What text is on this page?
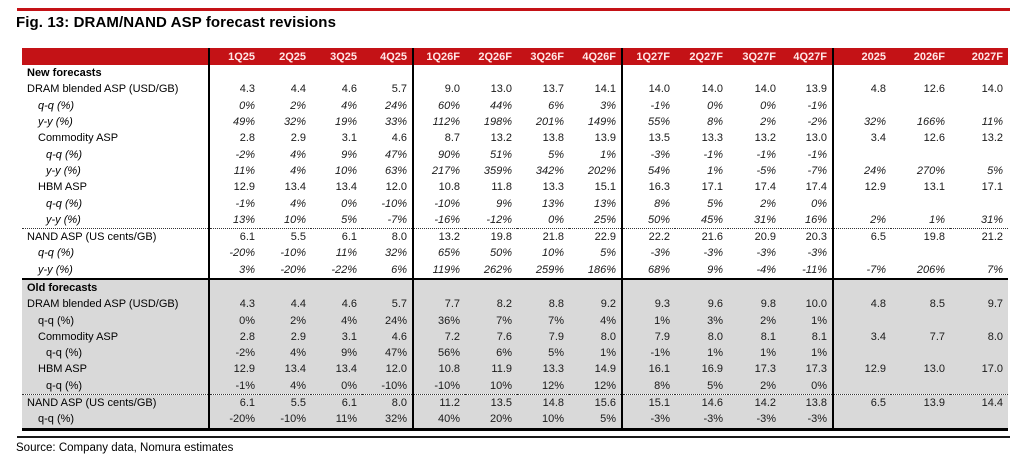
Fig. 13: DRAM/NAND ASP forecast revisions
	1Q25	2Q25	3Q25	4Q25	1Q26F	2Q26F	3Q26F	4Q26F	1Q27F	2Q27F	3Q27F	4Q27F	2025	2026F	2027F
New forecasts															
DRAM blended ASP (USD/GB)	4.3	4.4	4.6	5.7	9.0	13.0	13.7	14.1	14.0	14.0	14.0	13.9	4.8	12.6	14.0
q-q (%)	0%	2%	4%	24%	60%	44%	6%	3%	-1%	0%	0%	-1%			
y-y (%)	49%	32%	19%	33%	112%	198%	201%	149%	55%	8%	2%	-2%	32%	166%	11%
Commodity ASP	2.8	2.9	3.1	4.6	8.7	13.2	13.8	13.9	13.5	13.3	13.2	13.0	3.4	12.6	13.2
q-q (%)	-2%	4%	9%	47%	90%	51%	5%	1%	-3%	-1%	-1%	-1%			
y-y (%)	11%	4%	10%	63%	217%	359%	342%	202%	54%	1%	-5%	-7%	24%	270%	5%
HBM ASP	12.9	13.4	13.4	12.0	10.8	11.8	13.3	15.1	16.3	17.1	17.4	17.4	12.9	13.1	17.1
q-q (%)	-1%	4%	0%	-10%	-10%	9%	13%	13%	8%	5%	2%	0%			
y-y (%)	13%	10%	5%	-7%	-16%	-12%	0%	25%	50%	45%	31%	16%	2%	1%	31%
NAND ASP (US cents/GB)	6.1	5.5	6.1	8.0	13.2	19.8	21.8	22.9	22.2	21.6	20.9	20.3	6.5	19.8	21.2
q-q (%)	-20%	-10%	11%	32%	65%	50%	10%	5%	-3%	-3%	-3%	-3%			
y-y (%)	3%	-20%	-22%	6%	119%	262%	259%	186%	68%	9%	-4%	-11%	-7%	206%	7%
Old forecasts															
DRAM blended ASP (USD/GB)	4.3	4.4	4.6	5.7	7.7	8.2	8.8	9.2	9.3	9.6	9.8	10.0	4.8	8.5	9.7
q-q (%)	0%	2%	4%	24%	36%	7%	7%	4%	1%	3%	2%	1%			
Commodity ASP	2.8	2.9	3.1	4.6	7.2	7.6	7.9	8.0	7.9	8.0	8.1	8.1	3.4	7.7	8.0
q-q (%)	-2%	4%	9%	47%	56%	6%	5%	1%	-1%	1%	1%	1%			
HBM ASP	12.9	13.4	13.4	12.0	10.8	11.9	13.3	14.9	16.1	16.9	17.3	17.3	12.9	13.0	17.0
q-q (%)	-1%	4%	0%	-10%	-10%	10%	12%	12%	8%	5%	2%	0%			
NAND ASP (US cents/GB)	6.1	5.5	6.1	8.0	11.2	13.5	14.8	15.6	15.1	14.6	14.2	13.8	6.5	13.9	14.4
q-q (%)	-20%	-10%	11%	32%	40%	20%	10%	5%	-3%	-3%	-3%	-3%			
Source: Company data, Nomura estimates
